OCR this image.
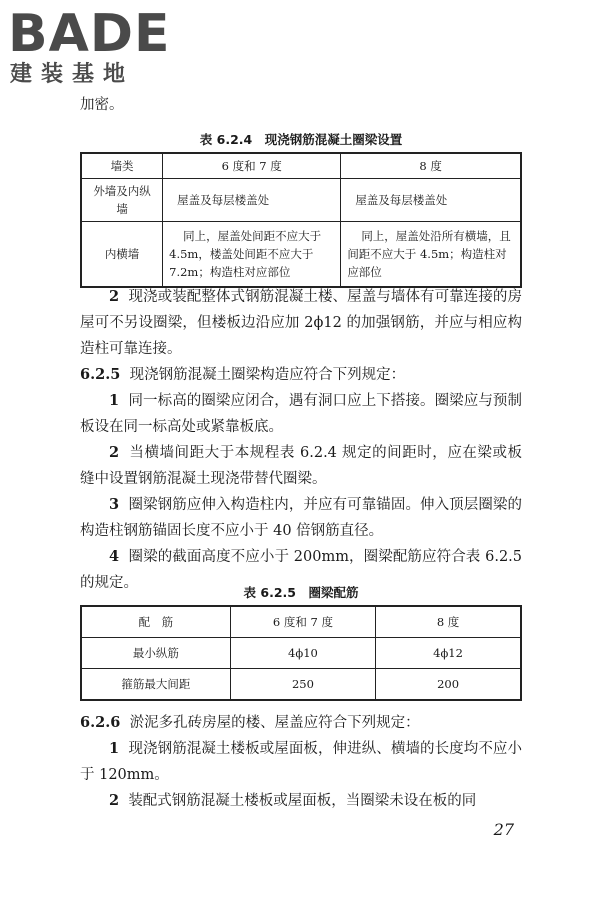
BADE
建装基地
加密。
表 6.2.4　现浇钢筋混凝土圈梁设置
墙类	6 度和 7 度	8 度
外墙及内纵墙	屋盖及每层楼盖处	屋盖及每层楼盖处
内横墙	同上，屋盖处间距不应大于 4.5m，楼盖处间距不应大于 7.2m；构造柱对应部位	同上，屋盖处沿所有横墙，且间距不应大于 4.5m；构造柱对应部位
2 现浇或装配整体式钢筋混凝土楼、屋盖与墙体有可靠连接的房屋可不另设圈梁，但楼板边沿应加 2ϕ12 的加强钢筋，并应与相应构造柱可靠连接。
6.2.5 现浇钢筋混凝土圈梁构造应符合下列规定：
1 同一标高的圈梁应闭合，遇有洞口应上下搭接。圈梁应与预制板设在同一标高处或紧靠板底。
2 当横墙间距大于本规程表 6.2.4 规定的间距时，应在梁或板缝中设置钢筋混凝土现浇带替代圈梁。
3 圈梁钢筋应伸入构造柱内，并应有可靠锚固。伸入顶层圈梁的构造柱钢筋锚固长度不应小于 40 倍钢筋直径。
4 圈梁的截面高度不应小于 200mm，圈梁配筋应符合表 6.2.5 的规定。
表 6.2.5　圈梁配筋
配　筋	6 度和 7 度	8 度
最小纵筋	4ϕ10	4ϕ12
箍筋最大间距	250	200
6.2.6 淤泥多孔砖房屋的楼、屋盖应符合下列规定：
1 现浇钢筋混凝土楼板或屋面板，伸进纵、横墙的长度均不应小于 120mm。
2 装配式钢筋混凝土楼板或屋面板，当圈梁未设在板的同
27
